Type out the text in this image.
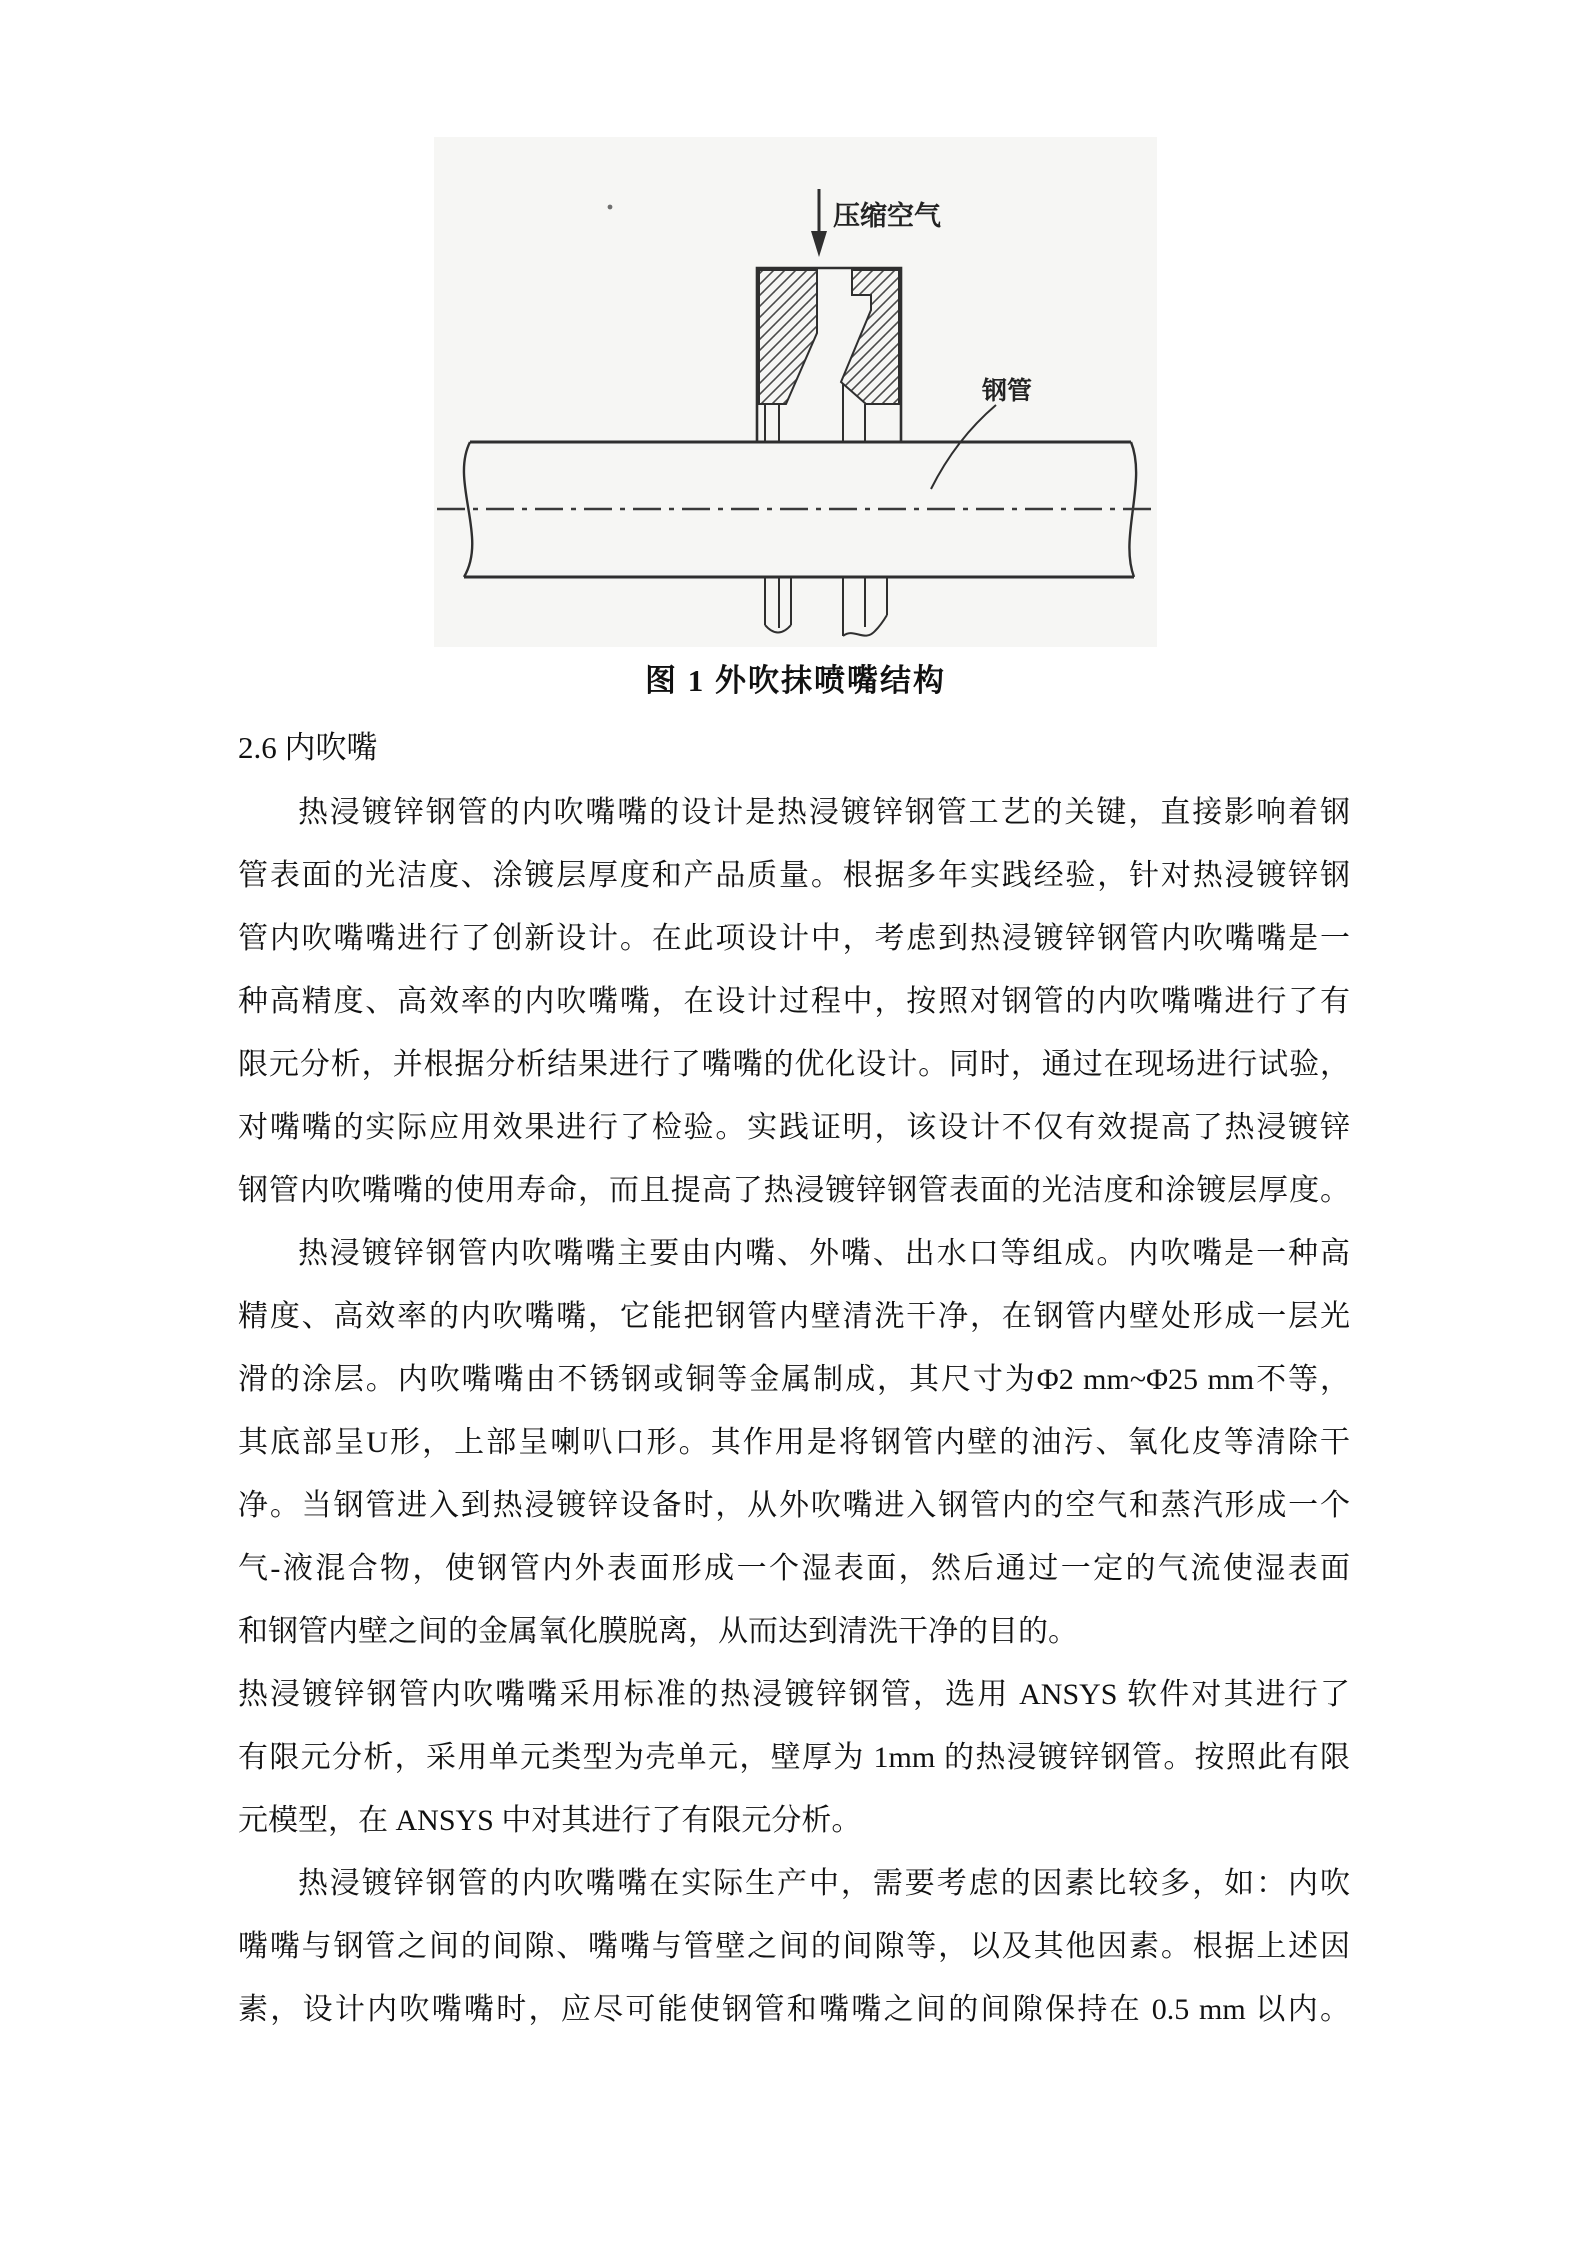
压缩空气
钢管
图 1 外吹抹喷嘴结构
2.6 内吹嘴
热浸镀锌钢管的内吹嘴嘴的设计是热浸镀锌钢管工艺的关键，直接影响着钢
管表面的光洁度、涂镀层厚度和产品质量。根据多年实践经验，针对热浸镀锌钢
管内吹嘴嘴进行了创新设计。在此项设计中，考虑到热浸镀锌钢管内吹嘴嘴是一
种高精度、高效率的内吹嘴嘴，在设计过程中，按照对钢管的内吹嘴嘴进行了有
限元分析，并根据分析结果进行了嘴嘴的优化设计。同时，通过在现场进行试验，
对嘴嘴的实际应用效果进行了检验。实践证明，该设计不仅有效提高了热浸镀锌
钢管内吹嘴嘴的使用寿命，而且提高了热浸镀锌钢管表面的光洁度和涂镀层厚度。
热浸镀锌钢管内吹嘴嘴主要由内嘴、外嘴、出水口等组成。内吹嘴是一种高
精度、高效率的内吹嘴嘴，它能把钢管内壁清洗干净，在钢管内壁处形成一层光
滑的涂层。内吹嘴嘴由不锈钢或铜等金属制成，其尺寸为Φ2 mm~Φ25 mm不等，
其底部呈U形，上部呈喇叭口形。其作用是将钢管内壁的油污、氧化皮等清除干
净。当钢管进入到热浸镀锌设备时，从外吹嘴进入钢管内的空气和蒸汽形成一个
气-液混合物，使钢管内外表面形成一个湿表面，然后通过一定的气流使湿表面
和钢管内壁之间的金属氧化膜脱离，从而达到清洗干净的目的。
热浸镀锌钢管内吹嘴嘴采用标准的热浸镀锌钢管，选用 ANSYS 软件对其进行了
有限元分析，采用单元类型为壳单元，壁厚为 1mm 的热浸镀锌钢管。按照此有限
元模型，在 ANSYS 中对其进行了有限元分析。
热浸镀锌钢管的内吹嘴嘴在实际生产中，需要考虑的因素比较多，如：内吹
嘴嘴与钢管之间的间隙、嘴嘴与管壁之间的间隙等，以及其他因素。根据上述因
素，设计内吹嘴嘴时，应尽可能使钢管和嘴嘴之间的间隙保持在 0.5 mm 以内。
